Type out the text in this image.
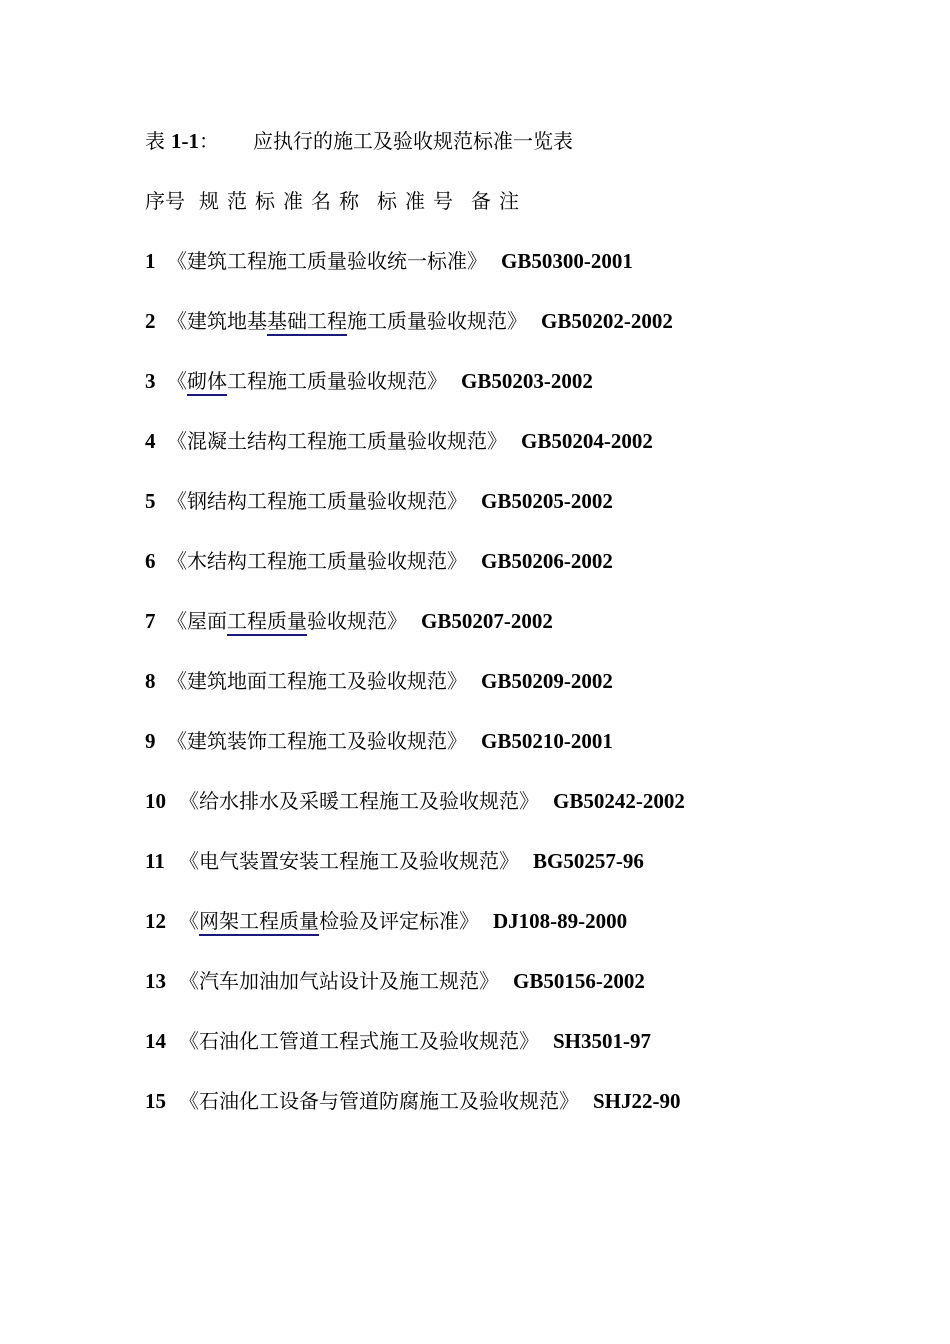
表 1-1： 应执行的施工及验收规范标准一览表
序号 规范标准名称 标准号 备注
1 《建筑工程施工质量验收统一标准》 GB50300-2001
2 《建筑地基基础工程施工质量验收规范》 GB50202-2002
3 《砌体工程施工质量验收规范》 GB50203-2002
4 《混凝土结构工程施工质量验收规范》 GB50204-2002
5 《钢结构工程施工质量验收规范》 GB50205-2002
6 《木结构工程施工质量验收规范》 GB50206-2002
7 《屋面工程质量验收规范》 GB50207-2002
8 《建筑地面工程施工及验收规范》 GB50209-2002
9 《建筑装饰工程施工及验收规范》 GB50210-2001
10 《给水排水及采暖工程施工及验收规范》 GB50242-2002
11 《电气装置安装工程施工及验收规范》 BG50257-96
12 《网架工程质量检验及评定标准》 DJ108-89-2000
13 《汽车加油加气站设计及施工规范》 GB50156-2002
14 《石油化工管道工程式施工及验收规范》 SH3501-97
15 《石油化工设备与管道防腐施工及验收规范》 SHJ22-90
